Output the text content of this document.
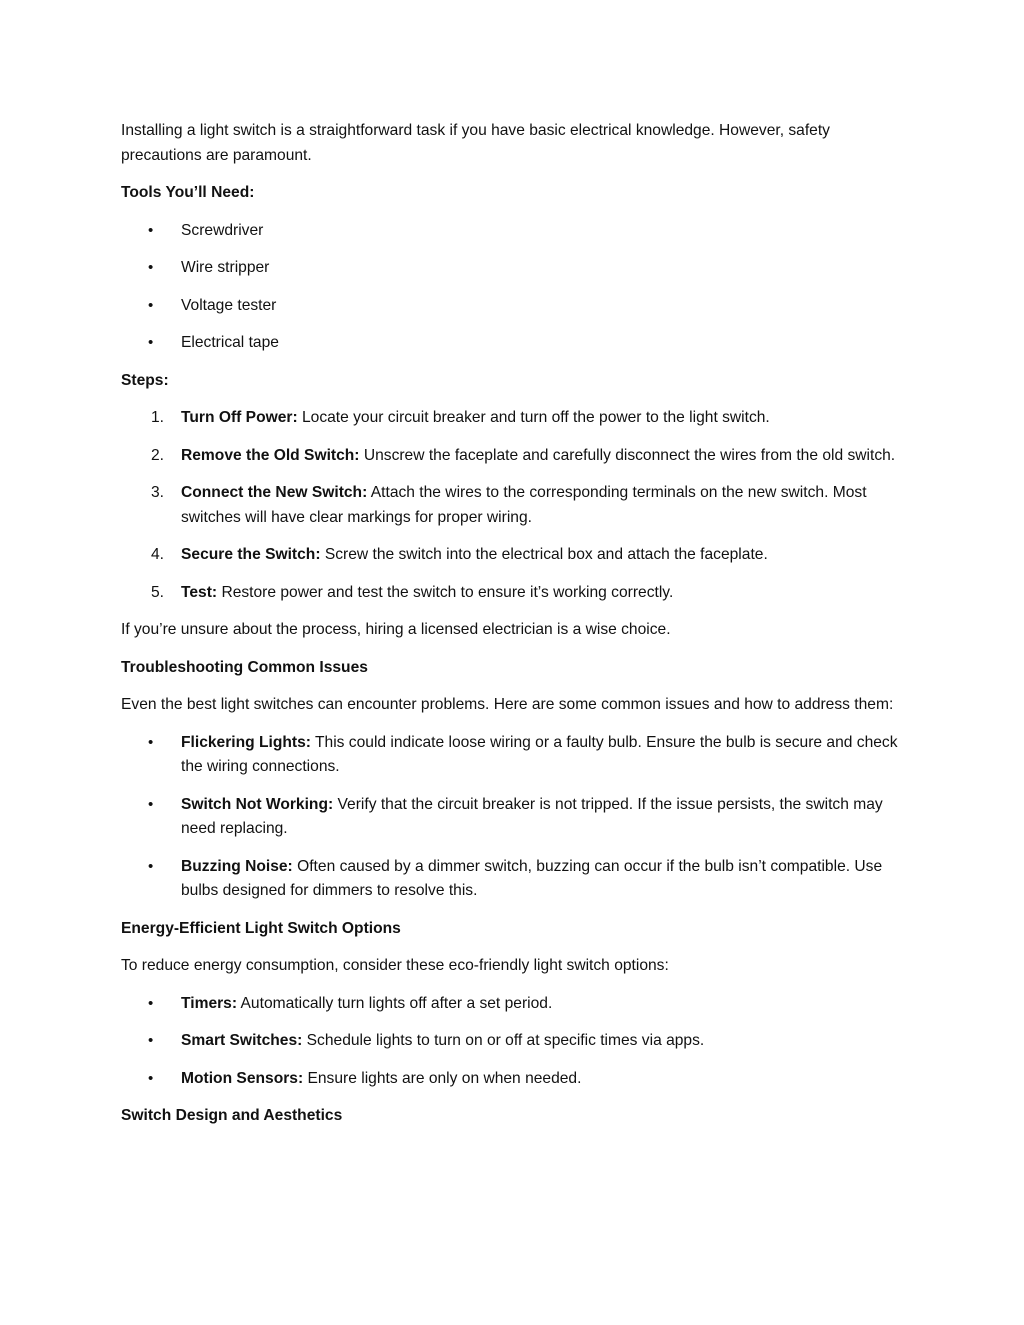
Installing a light switch is a straightforward task if you have basic electrical knowledge. However, safety precautions are paramount.

Tools You’ll Need:

• Screwdriver
• Wire stripper
• Voltage tester
• Electrical tape

Steps:

1. Turn Off Power: Locate your circuit breaker and turn off the power to the light switch.
2. Remove the Old Switch: Unscrew the faceplate and carefully disconnect the wires from the old switch.
3. Connect the New Switch: Attach the wires to the corresponding terminals on the new switch. Most switches will have clear markings for proper wiring.
4. Secure the Switch: Screw the switch into the electrical box and attach the faceplate.
5. Test: Restore power and test the switch to ensure it’s working correctly.

If you’re unsure about the process, hiring a licensed electrician is a wise choice.

Troubleshooting Common Issues

Even the best light switches can encounter problems. Here are some common issues and how to address them:

• Flickering Lights: This could indicate loose wiring or a faulty bulb. Ensure the bulb is secure and check the wiring connections.
• Switch Not Working: Verify that the circuit breaker is not tripped. If the issue persists, the switch may need replacing.
• Buzzing Noise: Often caused by a dimmer switch, buzzing can occur if the bulb isn’t compatible. Use bulbs designed for dimmers to resolve this.

Energy-Efficient Light Switch Options

To reduce energy consumption, consider these eco-friendly light switch options:

• Timers: Automatically turn lights off after a set period.
• Smart Switches: Schedule lights to turn on or off at specific times via apps.
• Motion Sensors: Ensure lights are only on when needed.

Switch Design and Aesthetics
